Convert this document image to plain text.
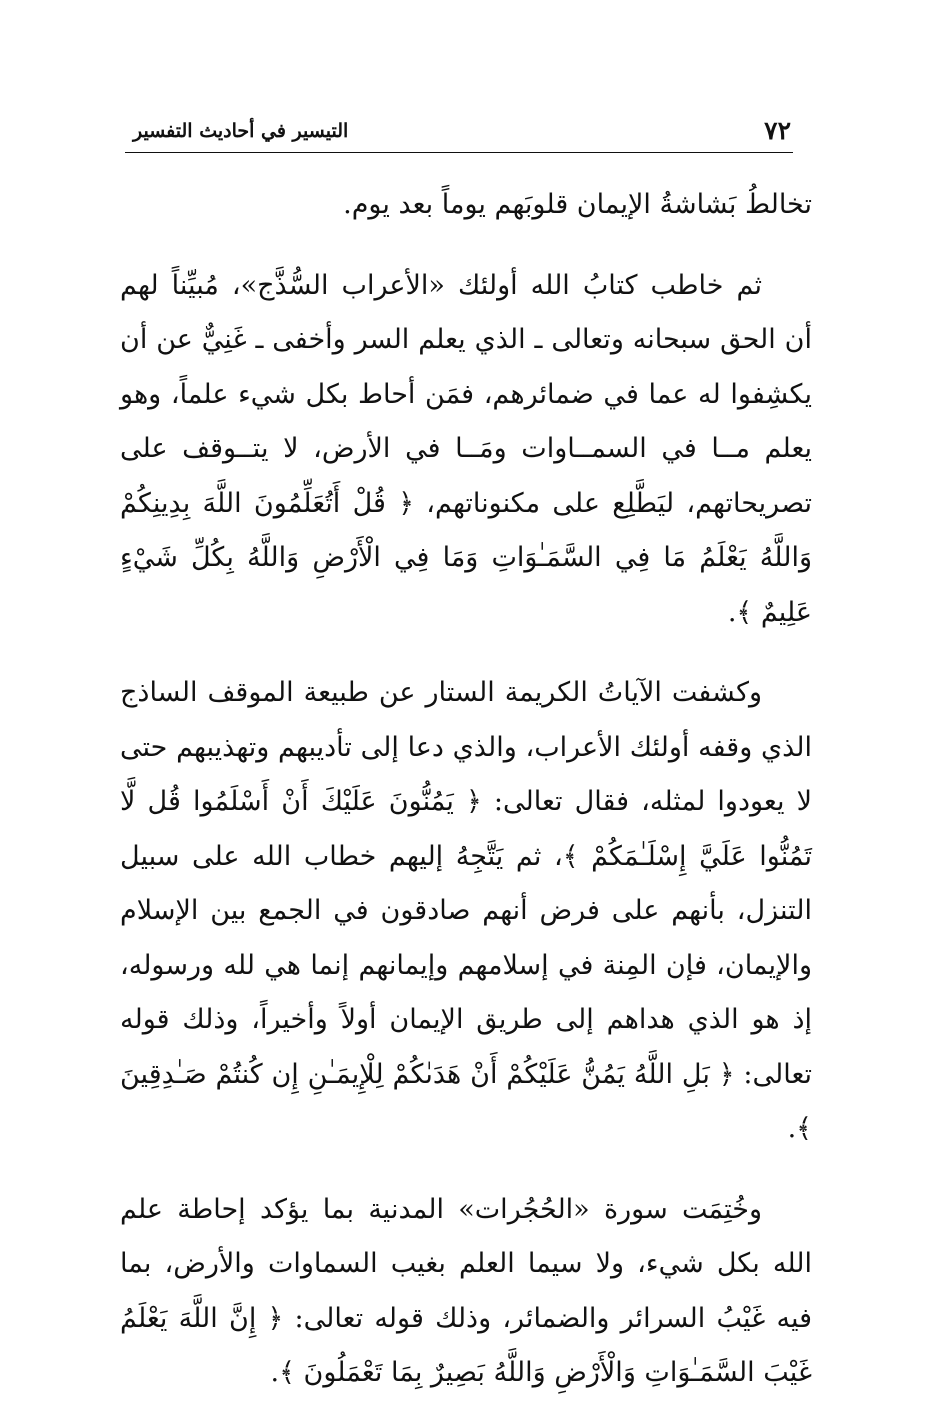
٧٢
التيسير في أحاديث التفسير

تخالطُ بَشاشةُ الإيمان قلوبَهم يوماً بعد يوم.

ثم خاطب كتابُ الله أولئك «الأعراب السُّذَّج»، مُبيِّناً لهم أن الحق سبحانه وتعالى ـ الذي يعلم السر وأخفى ـ غَنِيٌّ عن أن يكشِفوا له عما في ضمائرهم، فمَن أحاط بكل شيء علماً، وهو يعلم مــا في السمــاوات ومَــا في الأرض، لا يتــوقف على تصريحاتهم، ليَطَّلِع على مكنوناتهم، ﴿ قُلْ أَتُعَلِّمُونَ اللَّهَ بِدِينِكُمْ وَاللَّهُ يَعْلَمُ مَا فِي السَّمَـٰوَاتِ وَمَا فِي الْأَرْضِ وَاللَّهُ بِكُلِّ شَيْءٍ عَلِيمٌ ﴾.

وكشفت الآياتُ الكريمة الستار عن طبيعة الموقف الساذج الذي وقفه أولئك الأعراب، والذي دعا إلى تأديبهم وتهذيبهم حتى لا يعودوا لمثله، فقال تعالى: ﴿ يَمُنُّونَ عَلَيْكَ أَنْ أَسْلَمُوا قُل لَّا تَمُنُّوا عَلَيَّ إِسْلَـٰمَكُمْ ﴾، ثم يَتَّجِهُ إليهم خطاب الله على سبيل التنزل، بأنهم على فرض أنهم صادقون في الجمع بين الإسلام والإيمان، فإن المِنة في إسلامهم وإيمانهم إنما هي لله ورسوله، إذ هو الذي هداهم إلى طريق الإيمان أولاً وأخيراً، وذلك قوله تعالى: ﴿ بَلِ اللَّهُ يَمُنُّ عَلَيْكُمْ أَنْ هَدَىٰكُمْ لِلْإِيمَـٰنِ إِن كُنتُمْ صَـٰدِقِينَ ﴾.

وخُتِمَت سورة «الحُجُرات» المدنية بما يؤكد إحاطة علم الله بكل شيء، ولا سيما العلم بغيب السماوات والأرض، بما فيه غَيْبُ السرائر والضمائر، وذلك قوله تعالى: ﴿ إِنَّ اللَّهَ يَعْلَمُ غَيْبَ السَّمَـٰوَاتِ وَالْأَرْضِ وَاللَّهُ بَصِيرٌ بِمَا تَعْمَلُونَ ﴾.
